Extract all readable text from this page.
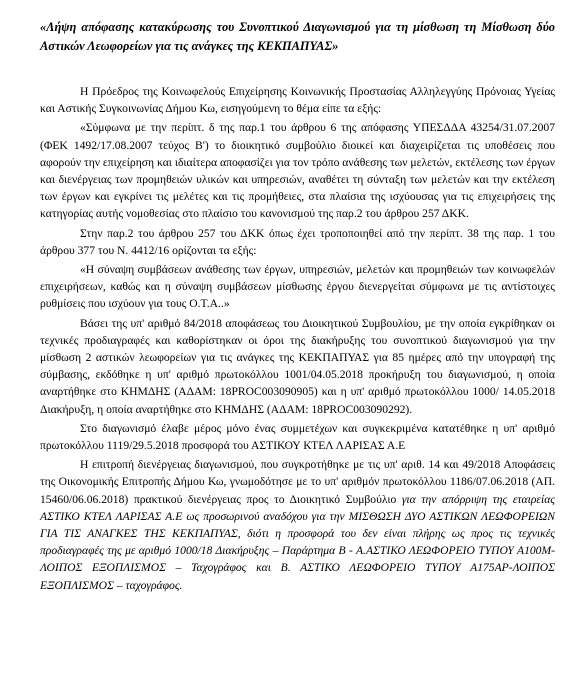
«Λήψη απόφασης κατακύρωσης του Συνοπτικού Διαγωνισμού για τη μίσθωση τη Μίσθωση δύο Αστικών Λεωφορείων για τις ανάγκες της ΚΕΚΠΑΠΥΑΣ»

Η Πρόεδρος της Κοινωφελούς Επιχείρησης Κοινωνικής Προστασίας Αλληλεγγύης Πρόνοιας Υγείας και Αστικής Συγκοινωνίας Δήμου Κω, εισηγούμενη το θέμα είπε τα εξής:

«Σύμφωνα με την περίπτ. δ της παρ.1 του άρθρου 6 της απόφασης ΥΠΕΣΔΔΑ 43254/31.07.2007 (ΦΕΚ 1492/17.08.2007 τεύχος Β') το διοικητικό συμβούλιο διοικεί και διαχειρίζεται τις υποθέσεις που αφορούν την επιχείρηση και ιδιαίτερα αποφασίζει για τον τρόπο ανάθεσης των μελετών, εκτέλεσης των έργων και διενέργειας των προμηθειών υλικών και υπηρεσιών, αναθέτει τη σύνταξη των μελετών και την εκτέλεση των έργων και εγκρίνει τις μελέτες και τις προμήθειες, στα πλαίσια της ισχύουσας για τις επιχειρήσεις της κατηγορίας αυτής νομοθεσίας στο πλαίσιο του κανονισμού της παρ.2 του άρθρου 257 ΔΚΚ.

Στην παρ.2 του άρθρου 257 του ΔΚΚ όπως έχει τροποποιηθεί από την περίπτ. 38 της παρ. 1 του άρθρου 377 του Ν. 4412/16 ορίζονται τα εξής:

«Η σύναψη συμβάσεων ανάθεσης των έργων, υπηρεσιών, μελετών και προμηθειών των κοινωφελών επιχειρήσεων, καθώς και η σύναψη συμβάσεων μίσθωσης έργου διενεργείται σύμφωνα με τις αντίστοιχες ρυθμίσεις που ισχύουν για τους Ο.Τ.Α..»

Βάσει της υπ' αριθμό 84/2018 αποφάσεως του Διοικητικού Συμβουλίου, με την οποία εγκρίθηκαν οι τεχνικές προδιαγραφές και καθορίστηκαν οι όροι της διακήρυξης του συνοπτικού διαγωνισμού για την μίσθωση 2 αστικών λεωφορείων για τις ανάγκες της ΚΕΚΠΑΠΥΑΣ για 85 ημέρες από την υπογραφή της σύμβασης, εκδόθηκε η υπ' αριθμό πρωτοκόλλου 1001/04.05.2018 προκήρυξη του διαγωνισμού, η οποία αναρτήθηκε στο ΚΗΜΔΗΣ (ΑΔΑΜ: 18PROC003090905) και η υπ' αριθμό πρωτοκόλλου 1000/ 14.05.2018 Διακήρυξη, η οποία αναρτήθηκε στο ΚΗΜΔΗΣ (ΑΔΑΜ: 18PROC003090292).

Στο διαγωνισμό έλαβε μέρος μόνο ένας συμμετέχων και συγκεκριμένα κατατέθηκε η υπ' αριθμό πρωτοκόλλου 1119/29.5.2018 προσφορά του ΑΣΤΙΚΟΥ ΚΤΕΛ ΛΑΡΙΣΑΣ Α.Ε

Η επιτροπή διενέργειας διαγωνισμού, που συγκροτήθηκε με τις υπ' αριθ. 14 και 49/2018 Αποφάσεις της Οικονομικής Επιτροπής Δήμου Κω, γνωμοδότησε με το υπ' αριθμόν πρωτοκόλλου 1186/07.06.2018 (ΑΠ. 15460/06.06.2018) πρακτικού διενέργειας προς το Διοικητικό Συμβούλιο για την απόρριψη της εταιρείας ΑΣΤΙΚΟ ΚΤΕΛ ΛΑΡΙΣΑΣ Α.Ε ως προσωρινού αναδόχου για την ΜΙΣΘΩΣΗ ΔΥΟ ΑΣΤΙΚΩΝ ΛΕΩΦΟΡΕΙΩΝ ΓΙΑ ΤΙΣ ΑΝΑΓΚΕΣ ΤΗΣ ΚΕΚΠΑΠΥΑΣ, διότι η προσφορά του δεν είναι πλήρης ως προς τις τεχνικές προδιαγραφές της με αριθμό 1000/18 Διακήρυξης – Παράρτημα Β - Α.ΑΣΤΙΚΟ ΛΕΩΦΟΡΕΙΟ ΤΥΠΟΥ Α100Μ- ΛΟΙΠΟΣ ΕΞΟΠΛΙΣΜΟΣ – Ταχογράφος και Β. ΑΣΤΙΚΟ ΛΕΩΦΟΡΕΙΟ ΤΥΠΟΥ Α175ΑΡ-ΛΟΙΠΟΣ ΕΞΟΠΛΙΣΜΟΣ – ταχογράφος.
